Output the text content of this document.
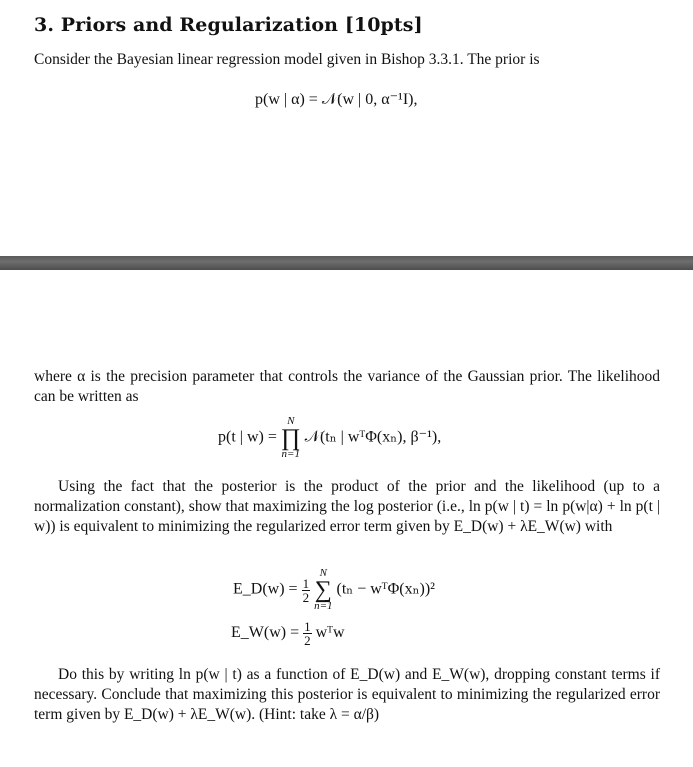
3. Priors and Regularization [10pts]
Consider the Bayesian linear regression model given in Bishop 3.3.1. The prior is
p(w | α) = 𝒩(w | 0, α⁻¹I),
where α is the precision parameter that controls the variance of the Gaussian prior. The likelihood can be written as
p(t | w) =
N
∏
n=1
𝒩(tₙ | wᵀΦ(xₙ), β⁻¹),
Using the fact that the posterior is the product of the prior and the likelihood (up to a normalization constant), show that maximizing the log posterior (i.e., ln p(w | t) = ln p(w|α) + ln p(t | w)) is equivalent to minimizing the regularized error term given by E_D(w) + λE_W(w) with
E_D(w) = $\frac{1}{2}$

N
∑
n=1
(tₙ − wᵀΦ(xₙ))²
E_W(w) = $\frac{1}{2}$ wᵀw
Do this by writing ln p(w | t) as a function of E_D(w) and E_W(w), dropping constant terms if necessary. Conclude that maximizing this posterior is equivalent to minimizing the regularized error term given by E_D(w) + λE_W(w). (Hint: take λ = α/β)
